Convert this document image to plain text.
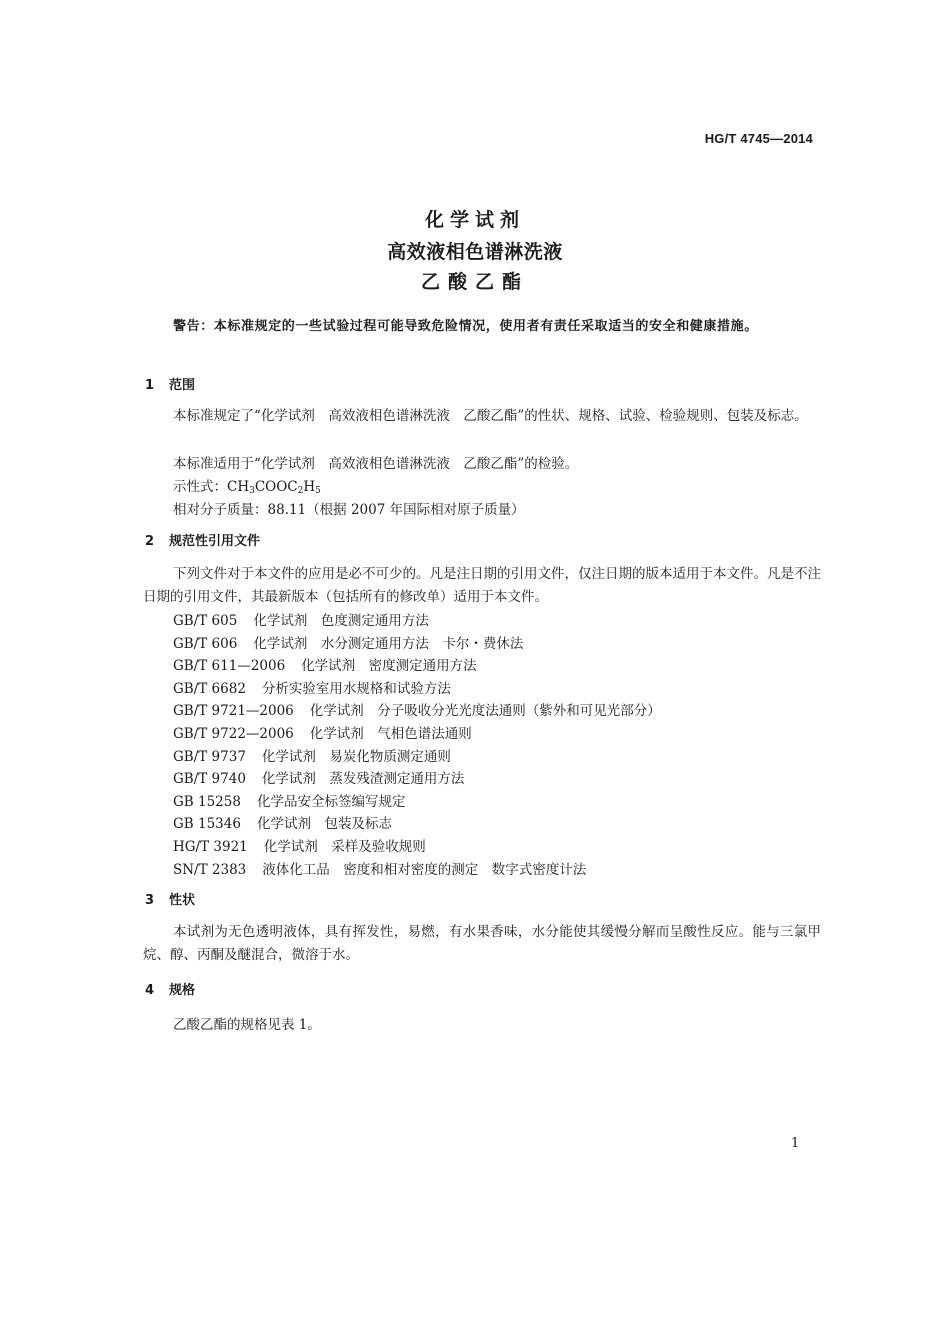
HG/T 4745—2014
化学试剂
高效液相色谱淋洗液
乙酸乙酯
警告：本标准规定的一些试验过程可能导致危险情况，使用者有责任采取适当的安全和健康措施。
1 范围
本标准规定了“化学试剂　高效液相色谱淋洗液　乙酸乙酯”的性状、规格、试验、检验规则、包装及标志。
本标准适用于“化学试剂　高效液相色谱淋洗液　乙酸乙酯”的检验。
示性式：$CH_3COOC_2H_5$
相对分子质量：88.11（根据 2007 年国际相对原子质量）
2 规范性引用文件
下列文件对于本文件的应用是必不可少的。凡是注日期的引用文件，仅注日期的版本适用于本文件。凡是不注日期的引用文件，其最新版本（包括所有的修改单）适用于本文件。
GB/T 605 化学试剂　色度测定通用方法
GB/T 606 化学试剂　水分测定通用方法　卡尔・费休法
GB/T 611—2006 化学试剂　密度测定通用方法
GB/T 6682 分析实验室用水规格和试验方法
GB/T 9721—2006 化学试剂　分子吸收分光光度法通则（紫外和可见光部分）
GB/T 9722—2006 化学试剂　气相色谱法通则
GB/T 9737 化学试剂　易炭化物质测定通则
GB/T 9740 化学试剂　蒸发残渣测定通用方法
GB 15258 化学品安全标签编写规定
GB 15346 化学试剂　包装及标志
HG/T 3921 化学试剂　采样及验收规则
SN/T 2383 液体化工品　密度和相对密度的测定　数字式密度计法
3 性状
本试剂为无色透明液体，具有挥发性，易燃，有水果香味，水分能使其缓慢分解而呈酸性反应。能与三氯甲烷、醇、丙酮及醚混合，微溶于水。
4 规格
乙酸乙酯的规格见表 1。
1
